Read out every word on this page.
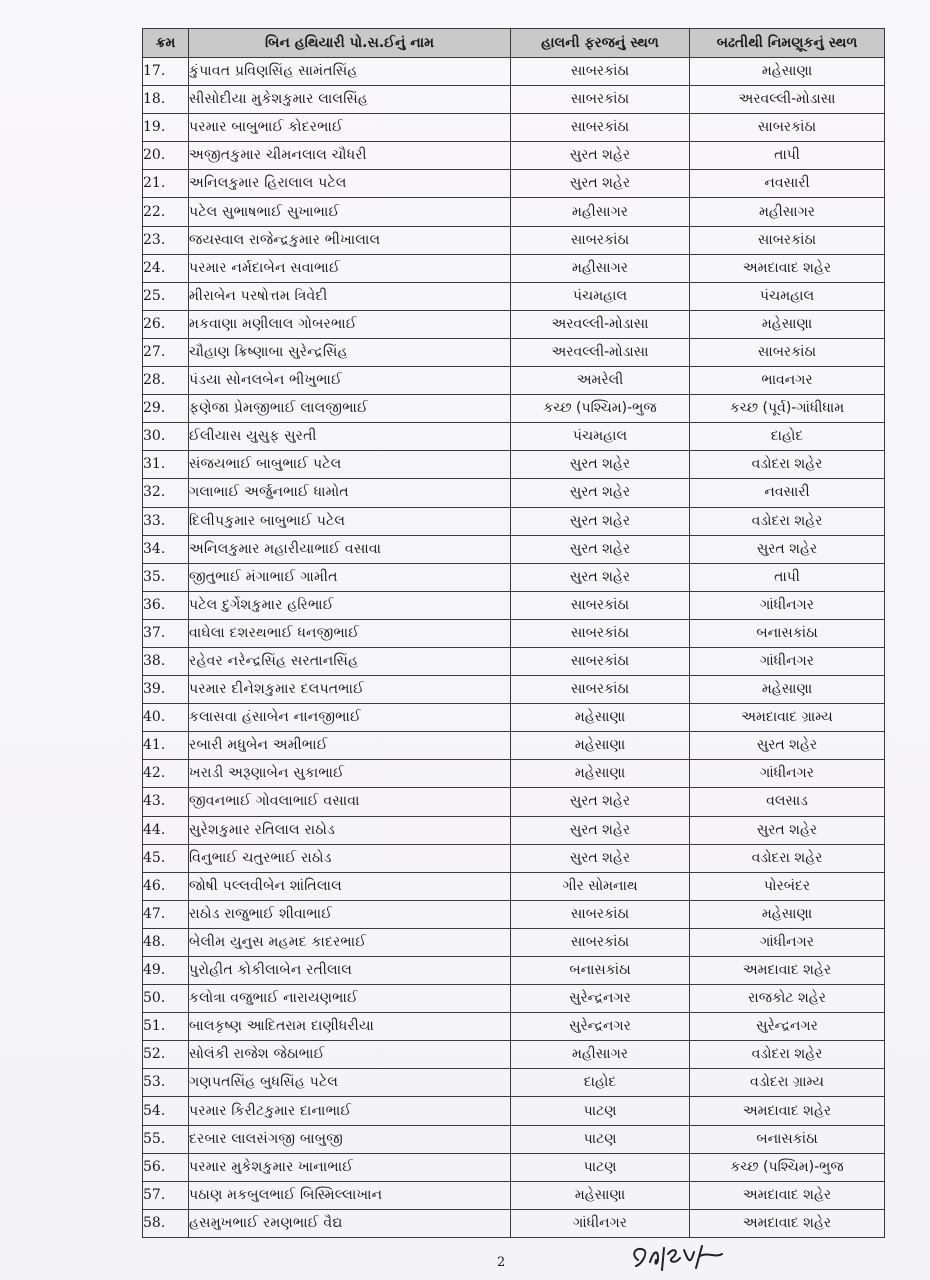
ક્રમ	બિન હથિયારી પો.સ.ઈનું નામ	હાલની ફરજનું સ્થળ	બઢતીથી નિમણૂકનું સ્થળ
17.	કુંપાવત પ્રવિણસિંહ સામંતસિંહ	સાબરકાંઠા	મહેસાણા
18.	સીસોદીયા મુકેશકુમાર લાલસિંહ	સાબરકાંઠા	અરવલ્લી-મોડાસા
19.	પરમાર બાબુભાઈ કોદરભાઈ	સાબરકાંઠા	સાબરકાંઠા
20.	અજીતકુમાર ચીમનલાલ ચૌધરી	સુરત શહેર	તાપી
21.	અનિલકુમાર હિરાલાલ પટેલ	સુરત શહેર	નવસારી
22.	પટેલ સુભાષભાઈ સુખાભાઈ	મહીસાગર	મહીસાગર
23.	જયસ્વાલ રાજેન્દ્રકુમાર ભીખાલાલ	સાબરકાંઠા	સાબરકાંઠા
24.	પરમાર નર્મદાબેન સવાભાઈ	મહીસાગર	અમદાવાદ શહેર
25.	મીરાબેન પરષોત્તમ ત્રિવેદી	પંચમહાલ	પંચમહાલ
26.	મકવાણા મણીલાલ ગોબરભાઈ	અરવલ્લી-મોડાસા	મહેસાણા
27.	ચૌહાણ ક્રિષ્ણાબા સુરેન્દ્રસિંહ	અરવલ્લી-મોડાસા	સાબરકાંઠા
28.	પંડયા સોનલબેન ભીખુભાઈ	અમરેલી	ભાવનગર
29.	ફણેજા પ્રેમજીભાઈ લાલજીભાઈ	કચ્છ (પશ્ચિમ)-ભુજ	કચ્છ (પૂર્વ)-ગાંધીધામ
30.	ઈલીયાસ યુસુફ સુરતી	પંચમહાલ	દાહોદ
31.	સંજયભાઈ બાબુભાઈ પટેલ	સુરત શહેર	વડોદરા શહેર
32.	ગલાભાઈ અર્જુનભાઈ ધામોત	સુરત શહેર	નવસારી
33.	દિલીપકુમાર બાબુભાઈ પટેલ	સુરત શહેર	વડોદરા શહેર
34.	અનિલકુમાર મહારીયાભાઈ વસાવા	સુરત શહેર	સુરત શહેર
35.	જીતુભાઈ મંગાભાઈ ગામીત	સુરત શહેર	તાપી
36.	પટેલ દુર્ગેશકુમાર હરિભાઈ	સાબરકાંઠા	ગાંધીનગર
37.	વાઘેલા દશરથભાઈ ધનજીભાઈ	સાબરકાંઠા	બનાસકાંઠા
38.	રહેવર નરેન્દ્રસિંહ સરતાનસિંહ	સાબરકાંઠા	ગાંધીનગર
39.	પરમાર દીનેશકુમાર દલપતભાઈ	સાબરકાંઠા	મહેસાણા
40.	કલાસવા હંસાબેન નાનજીભાઈ	મહેસાણા	અમદાવાદ ગ્રામ્ય
41.	રબારી મધુબેન અમીભાઈ	મહેસાણા	સુરત શહેર
42.	ખરાડી અરૂણાબેન સુકાભાઈ	મહેસાણા	ગાંધીનગર
43.	જીવનભાઈ ગોવલાભાઈ વસાવા	સુરત શહેર	વલસાડ
44.	સુરેશકુમાર રતિલાલ રાઠોડ	સુરત શહેર	સુરત શહેર
45.	વિનુભાઈ ચતુરભાઈ રાઠોડ	સુરત શહેર	વડોદરા શહેર
46.	જોષી પલ્લવીબેન શાંતિલાલ	ગીર સોમનાથ	પોરબંદર
47.	રાઠોડ રાજુભાઈ શીવાભાઈ	સાબરકાંઠા	મહેસાણા
48.	બેલીમ યુનુસ મહમદ કાદરભાઈ	સાબરકાંઠા	ગાંધીનગર
49.	પુરોહીત કોકીલાબેન રતીલાલ	બનાસકાંઠા	અમદાવાદ શહેર
50.	કલોત્રા વજુભાઈ નારાયણભાઈ	સુરેન્દ્રનગર	રાજકોટ શહેર
51.	બાલકૃષ્ણ આદિતરામ દાણીધરીયા	સુરેન્દ્રનગર	સુરેન્દ્રનગર
52.	સોલંકી રાજેશ જેઠાભાઈ	મહીસાગર	વડોદરા શહેર
53.	ગણપતસિંહ બુધસિંહ પટેલ	દાહોદ	વડોદરા ગ્રામ્ય
54.	પરમાર કિરીટકુમાર દાનાભાઈ	પાટણ	અમદાવાદ શહેર
55.	દરબાર લાલસંગજી બાબુજી	પાટણ	બનાસકાંઠા
56.	પરમાર મુકેશકુમાર ખાનાભાઈ	પાટણ	કચ્છ (પશ્ચિમ)-ભુજ
57.	પઠાણ મકબુલભાઈ બિસ્મિલ્લાખાન	મહેસાણા	અમદાવાદ શહેર
58.	હસમુખભાઈ રમણભાઈ વૈદ્ય	ગાંધીનગર	અમદાવાદ શહેર
2
